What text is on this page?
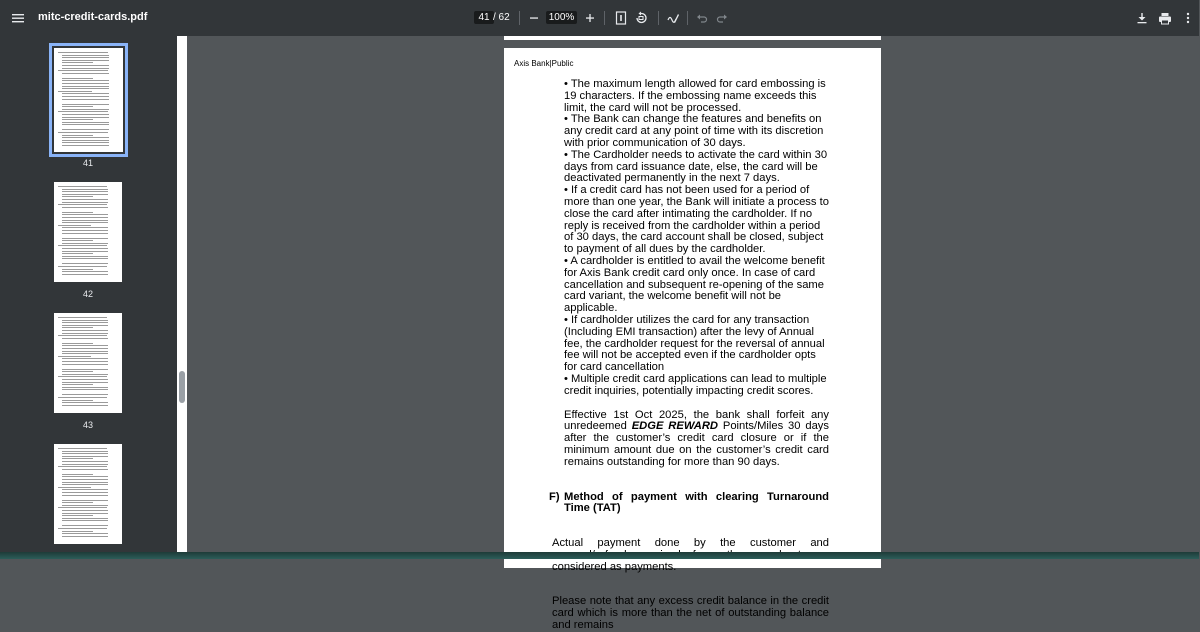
mitc-credit-cards.pdf	41 / 62	100%
41
42
43
Axis Bank|Public

• The maximum length allowed for card embossing is 19 characters. If the embossing name exceeds this limit, the card will not be processed.

• The Bank can change the features and benefits on any credit card at any point of time with its discretion with prior communication of 30 days.

• The Cardholder needs to activate the card within 30 days from card issuance date, else, the card will be deactivated permanently in the next 7 days.

• If a credit card has not been used for a period of more than one year, the Bank will initiate a process to close the card after intimating the cardholder. If no reply is received from the cardholder within a period of 30 days, the card account shall be closed, subject to payment of all dues by the cardholder.

• A cardholder is entitled to avail the welcome benefit for Axis Bank credit card only once. In case of card cancellation and subsequent re-opening of the same card variant, the welcome benefit will not be applicable.

• If cardholder utilizes the card for any transaction (Including EMI transaction) after the levy of Annual fee, the cardholder request for the reversal of annual fee will not be accepted even if the cardholder opts for card cancellation

• Multiple credit card applications can lead to multiple credit inquiries, potentially impacting credit scores.

Effective 1st Oct 2025, the bank shall forfeit any unredeemed EDGE REWARD Points/Miles 30 days after the customer’s credit card closure or if the minimum amount due on the customer’s credit card remains outstanding for more than 90 days.

F) Method of payment with clearing Turnaround Time (TAT)

Actual payment done by the customer and considered as payments.

Please note that any excess credit balance in the credit card which is more than the net of outstanding balance and remains
